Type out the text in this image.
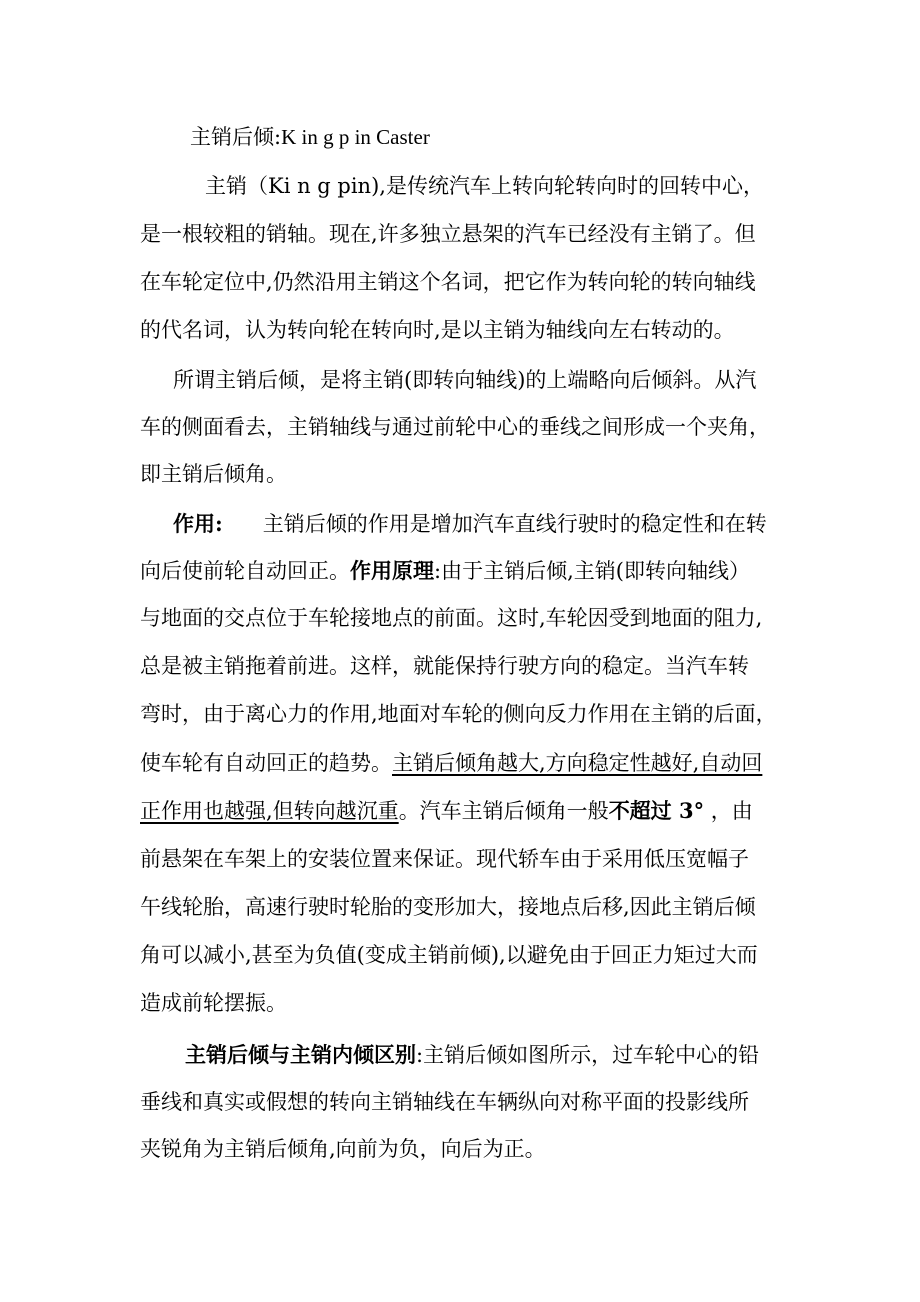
主销后倾:K in g p in Caster
主销（Ki n g pin),是传统汽车上转向轮转向时的回转中心，
是一根较粗的销轴。现在,许多独立悬架的汽车已经没有主销了。但
在车轮定位中,仍然沿用主销这个名词，把它作为转向轮的转向轴线
的代名词，认为转向轮在转向时,是以主销为轴线向左右转动的。
所谓主销后倾，是将主销(即转向轴线)的上端略向后倾斜。从汽
车的侧面看去，主销轴线与通过前轮中心的垂线之间形成一个夹角，
即主销后倾角。
作用: 主销后倾的作用是增加汽车直线行驶时的稳定性和在转
向后使前轮自动回正。作用原理:由于主销后倾,主销(即转向轴线）
与地面的交点位于车轮接地点的前面。这时,车轮因受到地面的阻力,
总是被主销拖着前进。这样，就能保持行驶方向的稳定。当汽车转
弯时，由于离心力的作用,地面对车轮的侧向反力作用在主销的后面，
使车轮有自动回正的趋势。主销后倾角越大,方向稳定性越好,自动回
正作用也越强,但转向越沉重。汽车主销后倾角一般不超过 3° ，由
前悬架在车架上的安装位置来保证。现代轿车由于采用低压宽幅子
午线轮胎，高速行驶时轮胎的变形加大，接地点后移,因此主销后倾
角可以减小,甚至为负值(变成主销前倾),以避免由于回正力矩过大而
造成前轮摆振。
主销后倾与主销内倾区别:主销后倾如图所示，过车轮中心的铅
垂线和真实或假想的转向主销轴线在车辆纵向对称平面的投影线所
夹锐角为主销后倾角,向前为负，向后为正。
